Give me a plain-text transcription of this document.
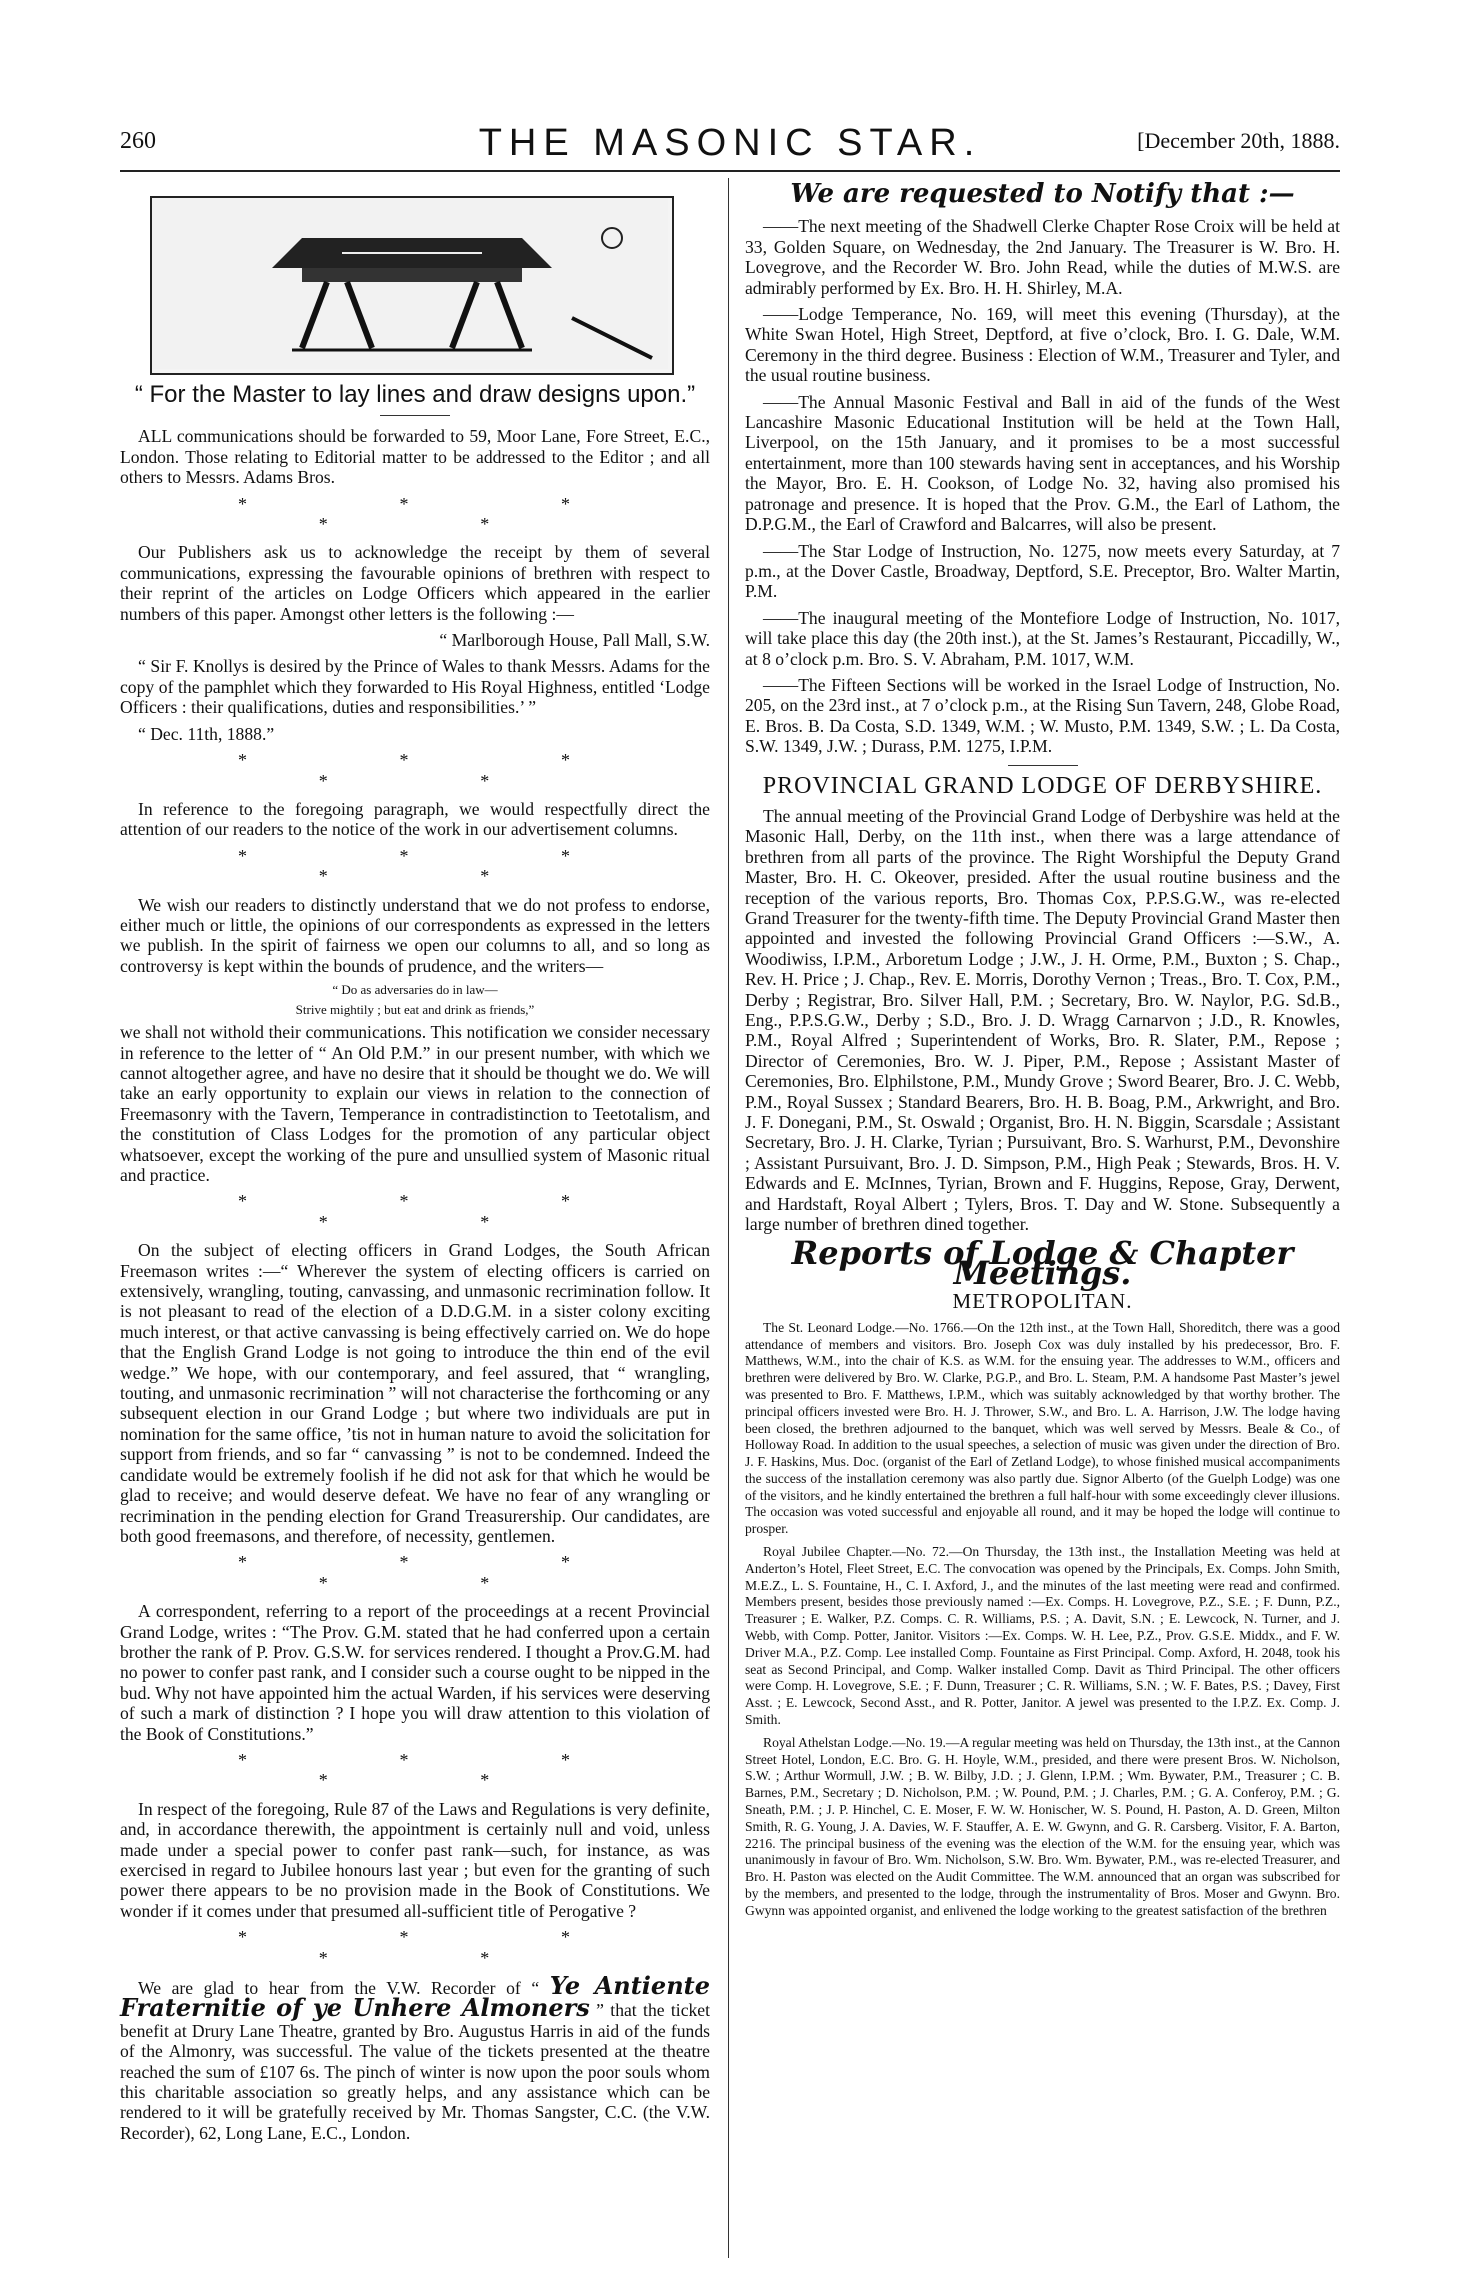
260	THE MASONIC STAR.	[December 20th, 1888.

“ For the Master to lay lines and draw designs upon.”

ALL communications should be forwarded to 59, Moor Lane, Fore Street, E.C., London. Those relating to Editorial matter to be addressed to the Editor ; and all others to Messrs. Adams Bros.

* * * * *

Our Publishers ask us to acknowledge the receipt by them of several communications, expressing the favourable opinions of brethren with respect to their reprint of the articles on Lodge Officers which appeared in the earlier numbers of this paper. Amongst other letters is the following :—

“ Marlborough House, Pall Mall, S.W.

“ Sir F. Knollys is desired by the Prince of Wales to thank Messrs. Adams for the copy of the pamphlet which they forwarded to His Royal Highness, entitled ‘Lodge Officers : their qualifications, duties and responsibilities.’ ”

“ Dec. 11th, 1888.”

* * * * *

In reference to the foregoing paragraph, we would respectfully direct the attention of our readers to the notice of the work in our advertisement columns.

* * * * *

We wish our readers to distinctly understand that we do not profess to endorse, either much or little, the opinions of our correspondents as expressed in the letters we publish. In the spirit of fairness we open our columns to all, and so long as controversy is kept within the bounds of prudence, and the writers—

“ Do as adversaries do in law—

Strive mightily ; but eat and drink as friends,”

we shall not withold their communications. This notification we consider necessary in reference to the letter of “ An Old P.M.” in our present number, with which we cannot altogether agree, and have no desire that it should be thought we do. We will take an early opportunity to explain our views in relation to the connection of Freemasonry with the Tavern, Temperance in contradistinction to Teetotalism, and the constitution of Class Lodges for the promotion of any particular object whatsoever, except the working of the pure and unsullied system of Masonic ritual and practice.

* * * * *

On the subject of electing officers in Grand Lodges, the South African Freemason writes :—“ Wherever the system of electing officers is carried on extensively, wrangling, touting, canvassing, and unmasonic recrimination follow. It is not pleasant to read of the election of a D.D.G.M. in a sister colony exciting much interest, or that active canvassing is being effectively carried on. We do hope that the English Grand Lodge is not going to introduce the thin end of the evil wedge.” We hope, with our contemporary, and feel assured, that “ wrangling, touting, and unmasonic recrimination ” will not characterise the forthcoming or any subsequent election in our Grand Lodge ; but where two individuals are put in nomination for the same office, ’tis not in human nature to avoid the solicitation for support from friends, and so far “ canvassing ” is not to be condemned. Indeed the candidate would be extremely foolish if he did not ask for that which he would be glad to receive; and would deserve defeat. We have no fear of any wrangling or recrimination in the pending election for Grand Treasurership. Our candidates, are both good freemasons, and therefore, of necessity, gentlemen.

* * * * *

A correspondent, referring to a report of the proceedings at a recent Provincial Grand Lodge, writes : “The Prov. G.M. stated that he had conferred upon a certain brother the rank of P. Prov. G.S.W. for services rendered. I thought a Prov.G.M. had no power to confer past rank, and I consider such a course ought to be nipped in the bud. Why not have appointed him the actual Warden, if his services were deserving of such a mark of distinction ? I hope you will draw attention to this violation of the Book of Constitutions.”

* * * * *

In respect of the foregoing, Rule 87 of the Laws and Regulations is very definite, and, in accordance therewith, the appointment is certainly null and void, unless made under a special power to confer past rank—such, for instance, as was exercised in regard to Jubilee honours last year ; but even for the granting of such power there appears to be no provision made in the Book of Constitutions. We wonder if it comes under that presumed all-sufficient title of Perogative ?

* * * * *

We are glad to hear from the V.W. Recorder of “ Ye Antiente Fraternitie of ye Unhere Almoners ” that the ticket benefit at Drury Lane Theatre, granted by Bro. Augustus Harris in aid of the funds of the Almonry, was successful. The value of the tickets presented at the theatre reached the sum of £107 6s. The pinch of winter is now upon the poor souls whom this charitable association so greatly helps, and any assistance which can be rendered to it will be gratefully received by Mr. Thomas Sangster, C.C. (the V.W. Recorder), 62, Long Lane, E.C., London.

We are requested to Notify that :—

——The next meeting of the Shadwell Clerke Chapter Rose Croix will be held at 33, Golden Square, on Wednesday, the 2nd January. The Treasurer is W. Bro. H. Lovegrove, and the Recorder W. Bro. John Read, while the duties of M.W.S. are admirably performed by Ex. Bro. H. H. Shirley, M.A.

——Lodge Temperance, No. 169, will meet this evening (Thursday), at the White Swan Hotel, High Street, Deptford, at five o’clock, Bro. I. G. Dale, W.M. Ceremony in the third degree. Business : Election of W.M., Treasurer and Tyler, and the usual routine business.

——The Annual Masonic Festival and Ball in aid of the funds of the West Lancashire Masonic Educational Institution will be held at the Town Hall, Liverpool, on the 15th January, and it promises to be a most successful entertainment, more than 100 stewards having sent in acceptances, and his Worship the Mayor, Bro. E. H. Cookson, of Lodge No. 32, having also promised his patronage and presence. It is hoped that the Prov. G.M., the Earl of Lathom, the D.P.G.M., the Earl of Crawford and Balcarres, will also be present.

——The Star Lodge of Instruction, No. 1275, now meets every Saturday, at 7 p.m., at the Dover Castle, Broadway, Deptford, S.E. Preceptor, Bro. Walter Martin, P.M.

——The inaugural meeting of the Montefiore Lodge of Instruction, No. 1017, will take place this day (the 20th inst.), at the St. James’s Restaurant, Piccadilly, W., at 8 o’clock p.m. Bro. S. V. Abraham, P.M. 1017, W.M.

——The Fifteen Sections will be worked in the Israel Lodge of Instruction, No. 205, on the 23rd inst., at 7 o’clock p.m., at the Rising Sun Tavern, 248, Globe Road, E. Bros. B. Da Costa, S.D. 1349, W.M. ; W. Musto, P.M. 1349, S.W. ; L. Da Costa, S.W. 1349, J.W. ; Durass, P.M. 1275, I.P.M.

PROVINCIAL GRAND LODGE OF DERBYSHIRE.

The annual meeting of the Provincial Grand Lodge of Derbyshire was held at the Masonic Hall, Derby, on the 11th inst., when there was a large attendance of brethren from all parts of the province. The Right Worshipful the Deputy Grand Master, Bro. H. C. Okeover, presided. After the usual routine business and the reception of the various reports, Bro. Thomas Cox, P.P.S.G.W., was re-elected Grand Treasurer for the twenty-fifth time. The Deputy Provincial Grand Master then appointed and invested the following Provincial Grand Officers :—S.W., A. Woodiwiss, I.P.M., Arboretum Lodge ; J.W., J. H. Orme, P.M., Buxton ; S. Chap., Rev. H. Price ; J. Chap., Rev. E. Morris, Dorothy Vernon ; Treas., Bro. T. Cox, P.M., Derby ; Registrar, Bro. Silver Hall, P.M. ; Secretary, Bro. W. Naylor, P.G. Sd.B., Eng., P.P.S.G.W., Derby ; S.D., Bro. J. D. Wragg Carnarvon ; J.D., R. Knowles, P.M., Royal Alfred ; Superintendent of Works, Bro. R. Slater, P.M., Repose ; Director of Ceremonies, Bro. W. J. Piper, P.M., Repose ; Assistant Master of Ceremonies, Bro. Elphilstone, P.M., Mundy Grove ; Sword Bearer, Bro. J. C. Webb, P.M., Royal Sussex ; Standard Bearers, Bro. H. B. Boag, P.M., Arkwright, and Bro. J. F. Donegani, P.M., St. Oswald ; Organist, Bro. H. N. Biggin, Scarsdale ; Assistant Secretary, Bro. J. H. Clarke, Tyrian ; Pursuivant, Bro. S. Warhurst, P.M., Devonshire ; Assistant Pursuivant, Bro. J. D. Simpson, P.M., High Peak ; Stewards, Bros. H. V. Edwards and E. McInnes, Tyrian, Brown and F. Huggins, Repose, Gray, Derwent, and Hardstaft, Royal Albert ; Tylers, Bros. T. Day and W. Stone. Subsequently a large number of brethren dined together.

Reports of Lodge & Chapter Meetings.
METROPOLITAN.

The St. Leonard Lodge.—No. 1766.—On the 12th inst., at the Town Hall, Shoreditch, there was a good attendance of members and visitors. Bro. Joseph Cox was duly installed by his predecessor, Bro. F. Matthews, W.M., into the chair of K.S. as W.M. for the ensuing year. The addresses to W.M., officers and brethren were delivered by Bro. W. Clarke, P.G.P., and Bro. L. Steam, P.M. A handsome Past Master’s jewel was presented to Bro. F. Matthews, I.P.M., which was suitably acknowledged by that worthy brother. The principal officers invested were Bro. H. J. Thrower, S.W., and Bro. L. A. Harrison, J.W. The lodge having been closed, the brethren adjourned to the banquet, which was well served by Messrs. Beale & Co., of Holloway Road. In addition to the usual speeches, a selection of music was given under the direction of Bro. J. F. Haskins, Mus. Doc. (organist of the Earl of Zetland Lodge), to whose finished musical accompaniments the success of the installation ceremony was also partly due. Signor Alberto (of the Guelph Lodge) was one of the visitors, and he kindly entertained the brethren a full half-hour with some exceedingly clever illusions. The occasion was voted successful and enjoyable all round, and it may be hoped the lodge will continue to prosper.

Royal Jubilee Chapter.—No. 72.—On Thursday, the 13th inst., the Installation Meeting was held at Anderton’s Hotel, Fleet Street, E.C. The convocation was opened by the Principals, Ex. Comps. John Smith, M.E.Z., L. S. Fountaine, H., C. I. Axford, J., and the minutes of the last meeting were read and confirmed. Members present, besides those previously named :—Ex. Comps. H. Lovegrove, P.Z., S.E. ; F. Dunn, P.Z., Treasurer ; E. Walker, P.Z. Comps. C. R. Williams, P.S. ; A. Davit, S.N. ; E. Lewcock, N. Turner, and J. Webb, with Comp. Potter, Janitor. Visitors :—Ex. Comps. W. H. Lee, P.Z., Prov. G.S.E. Middx., and F. W. Driver M.A., P.Z. Comp. Lee installed Comp. Fountaine as First Principal. Comp. Axford, H. 2048, took his seat as Second Principal, and Comp. Walker installed Comp. Davit as Third Principal. The other officers were Comp. H. Lovegrove, S.E. ; F. Dunn, Treasurer ; C. R. Williams, S.N. ; W. F. Bates, P.S. ; Davey, First Asst. ; E. Lewcock, Second Asst., and R. Potter, Janitor. A jewel was presented to the I.P.Z. Ex. Comp. J. Smith.

Royal Athelstan Lodge.—No. 19.—A regular meeting was held on Thursday, the 13th inst., at the Cannon Street Hotel, London, E.C. Bro. G. H. Hoyle, W.M., presided, and there were present Bros. W. Nicholson, S.W. ; Arthur Wormull, J.W. ; B. W. Bilby, J.D. ; J. Glenn, I.P.M. ; Wm. Bywater, P.M., Treasurer ; C. B. Barnes, P.M., Secretary ; D. Nicholson, P.M. ; W. Pound, P.M. ; J. Charles, P.M. ; G. A. Conferoy, P.M. ; G. Sneath, P.M. ; J. P. Hinchel, C. E. Moser, F. W. W. Honischer, W. S. Pound, H. Paston, A. D. Green, Milton Smith, R. G. Young, J. A. Davies, W. F. Stauffer, A. E. W. Gwynn, and G. R. Carsberg. Visitor, F. A. Barton, 2216. The principal business of the evening was the election of the W.M. for the ensuing year, which was unanimously in favour of Bro. Wm. Nicholson, S.W. Bro. Wm. Bywater, P.M., was re-elected Treasurer, and Bro. H. Paston was elected on the Audit Committee. The W.M. announced that an organ was subscribed for by the members, and presented to the lodge, through the instrumentality of Bros. Moser and Gwynn. Bro. Gwynn was appointed organist, and enlivened the lodge working to the greatest satisfaction of the brethren
